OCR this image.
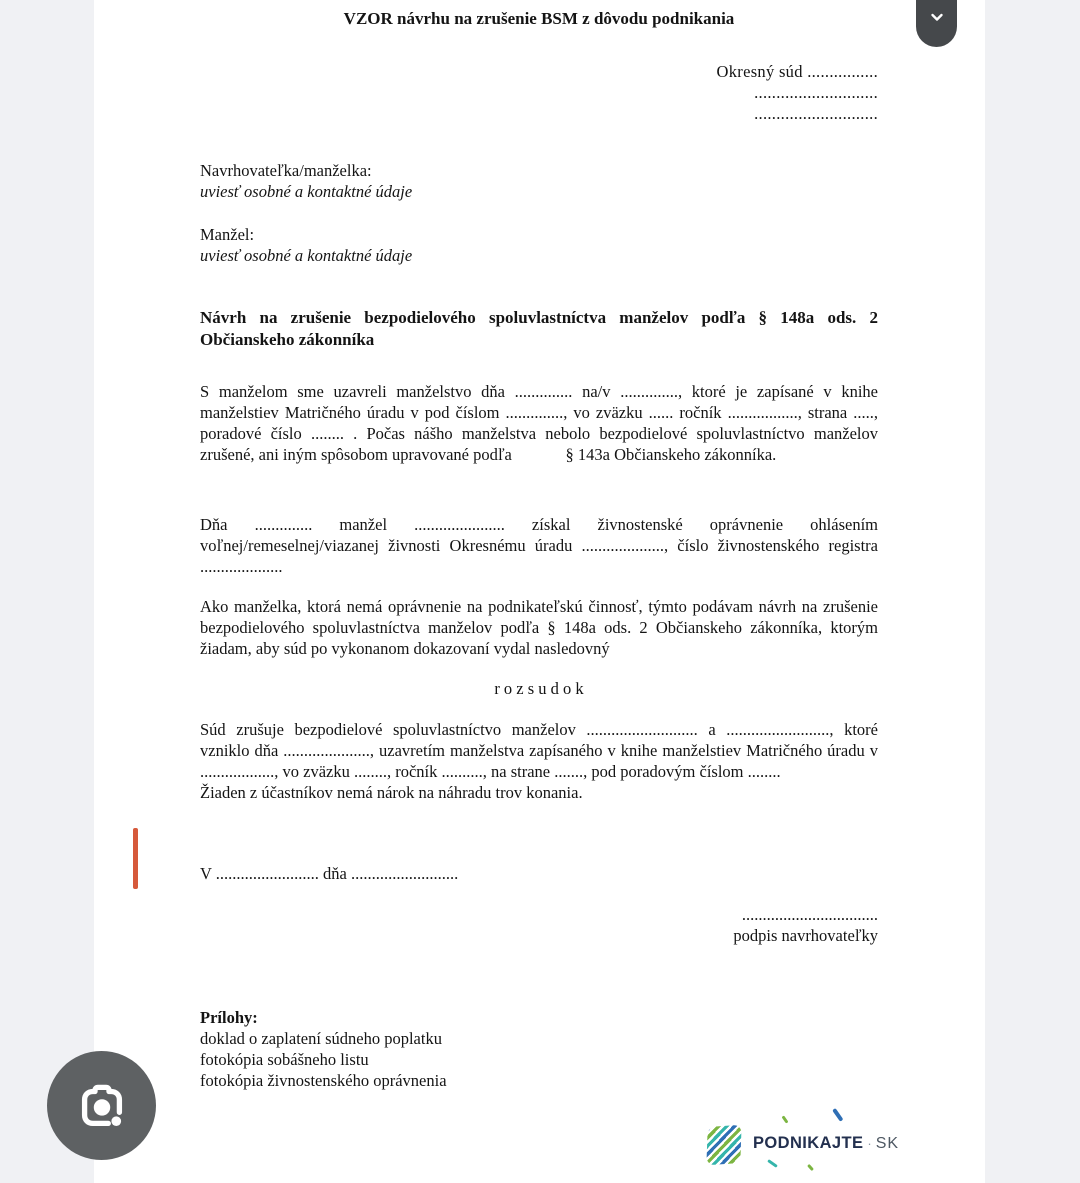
VZOR návrhu na zrušenie BSM z dôvodu podnikania
Okresný súd ................
............................
............................
Navrhovateľka/manželka:
uviesť osobné a kontaktné údaje
Manžel:
uviesť osobné a kontaktné údaje

Návrh na zrušenie bezpodielového spoluvlastníctva manželov podľa § 148a ods. 2 Občianskeho zákonníka

S manželom sme uzavreli manželstvo dňa .............. na/v .............., ktoré je zapísané v knihe manželstiev Matričného úradu v pod číslom .............., vo zväzku ...... ročník ................., strana ....., poradové číslo ........ . Počas nášho manželstva nebolo bezpodielové spoluvlastníctvo manželov zrušené, ani iným spôsobom upravované podľa             § 143a Občianskeho zákonníka.

Dňa .............. manžel ...................... získal živnostenské oprávnenie ohlásením voľnej/remeselnej/viazanej živnosti Okresnému úradu ...................., číslo živnostenského registra ....................

Ako manželka, ktorá nemá oprávnenie na podnikateľskú činnosť, týmto podávam návrh na zrušenie bezpodielového spoluvlastníctva manželov podľa § 148a ods. 2 Občianskeho zákonníka, ktorým žiadam, aby súd po vykonanom dokazovaní vydal nasledovný

r o z s u d o k

Súd zrušuje bezpodielové spoluvlastníctvo manželov ........................... a ........................., ktoré vzniklo dňa ....................., uzavretím manželstva zapísaného v knihe manželstiev Matričného úradu v .................., vo zväzku ........, ročník .........., na strane ......., pod poradovým číslom ........

Žiaden z účastníkov nemá nárok na náhradu trov konania.
V ......................... dňa ..........................
.................................
podpis navrhovateľky
Prílohy:
doklad o zaplatení súdneho poplatku
fotokópia sobášneho listu
fotokópia živnostenského oprávnenia
PODNIKAJTE · SK
